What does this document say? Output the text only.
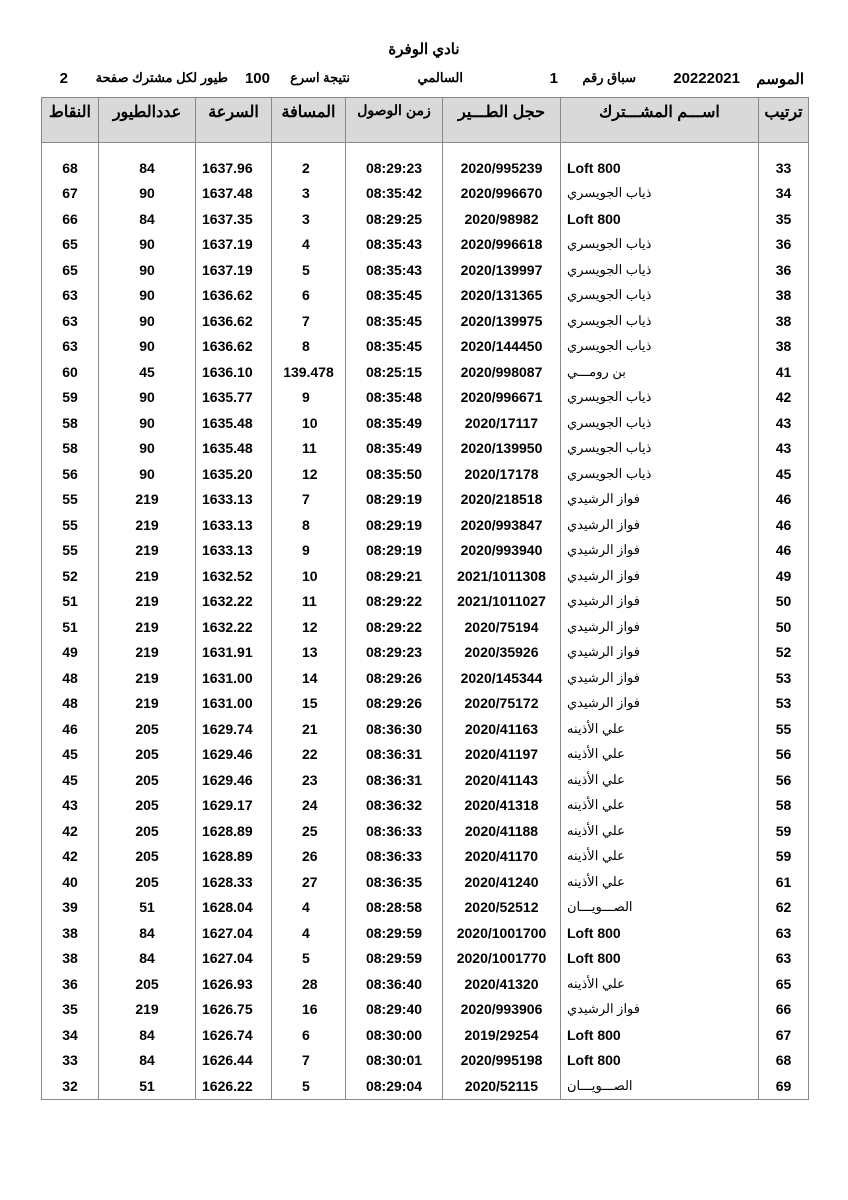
نادي الوفرة
الموسم
20222021
سباق رقم
1
السالمي
نتيجة اسرع
100
طيور لكل مشترك صفحة
2
ترتيب	اســـم المشـــترك	حجل الطـــير	زمن الوصول	المسافة	السرعة	عددالطيور	النقاط

33	Loft 800	2020/995239	08:29:23	2	1637.96	84	68
34	ذياب الجويسري	2020/996670	08:35:42	3	1637.48	90	67
35	Loft 800	2020/98982	08:29:25	3	1637.35	84	66
36	ذياب الجويسري	2020/996618	08:35:43	4	1637.19	90	65
36	ذياب الجويسري	2020/139997	08:35:43	5	1637.19	90	65
38	ذياب الجويسري	2020/131365	08:35:45	6	1636.62	90	63
38	ذياب الجويسري	2020/139975	08:35:45	7	1636.62	90	63
38	ذياب الجويسري	2020/144450	08:35:45	8	1636.62	90	63
41	بن رومـــي	2020/998087	08:25:15	139.478	1636.10	45	60
42	ذياب الجويسري	2020/996671	08:35:48	9	1635.77	90	59
43	ذياب الجويسري	2020/17117	08:35:49	10	1635.48	90	58
43	ذياب الجويسري	2020/139950	08:35:49	11	1635.48	90	58
45	ذياب الجويسري	2020/17178	08:35:50	12	1635.20	90	56
46	فواز الرشيدي	2020/218518	08:29:19	7	1633.13	219	55
46	فواز الرشيدي	2020/993847	08:29:19	8	1633.13	219	55
46	فواز الرشيدي	2020/993940	08:29:19	9	1633.13	219	55
49	فواز الرشيدي	2021/1011308	08:29:21	10	1632.52	219	52
50	فواز الرشيدي	2021/1011027	08:29:22	11	1632.22	219	51
50	فواز الرشيدي	2020/75194	08:29:22	12	1632.22	219	51
52	فواز الرشيدي	2020/35926	08:29:23	13	1631.91	219	49
53	فواز الرشيدي	2020/145344	08:29:26	14	1631.00	219	48
53	فواز الرشيدي	2020/75172	08:29:26	15	1631.00	219	48
55	علي الأذينه	2020/41163	08:36:30	21	1629.74	205	46
56	علي الأذينه	2020/41197	08:36:31	22	1629.46	205	45
56	علي الأذينه	2020/41143	08:36:31	23	1629.46	205	45
58	علي الأذينه	2020/41318	08:36:32	24	1629.17	205	43
59	علي الأذينه	2020/41188	08:36:33	25	1628.89	205	42
59	علي الأذينه	2020/41170	08:36:33	26	1628.89	205	42
61	علي الأذينه	2020/41240	08:36:35	27	1628.33	205	40
62	الصـــويـــان	2020/52512	08:28:58	4	1628.04	51	39
63	Loft 800	2020/1001700	08:29:59	4	1627.04	84	38
63	Loft 800	2020/1001770	08:29:59	5	1627.04	84	38
65	علي الأذينه	2020/41320	08:36:40	28	1626.93	205	36
66	فواز الرشيدي	2020/993906	08:29:40	16	1626.75	219	35
67	Loft 800	2019/29254	08:30:00	6	1626.74	84	34
68	Loft 800	2020/995198	08:30:01	7	1626.44	84	33
69	الصـــويـــان	2020/52115	08:29:04	5	1626.22	51	32
